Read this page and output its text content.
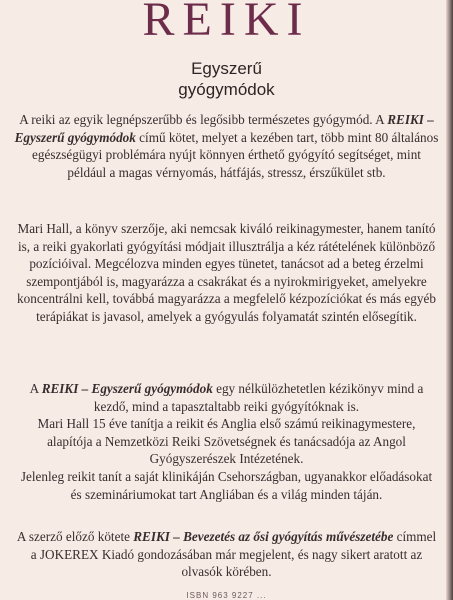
REIKI
Egyszerű
gyógymódok
A reiki az egyik legnépszerűbb és legősibb természetes gyógymód. A REIKI – Egyszerű gyógymódok című kötet, melyet a kezében tart, több mint 80 általános egészségügyi problémára nyújt könnyen érthető gyógyító segítséget, mint például a magas vérnyomás, hátfájás, stressz, érszűkület stb.
Mari Hall, a könyv szerzője, aki nemcsak kiváló reikinagymester, hanem tanító is, a reiki gyakorlati gyógyítási módjait illusztrálja a kéz rátételének különböző pozícióival. Megcélozva minden egyes tünetet, tanácsot ad a beteg érzelmi szempontjából is, magyarázza a csakrákat és a nyirokmirigyeket, amelyekre koncentrálni kell, továbbá magyarázza a megfelelő kézpozíciókat és más egyéb terápiákat is javasol, amelyek a gyógyulás folyamatát szintén elősegítik.

A REIKI – Egyszerű gyógymódok egy nélkülözhetetlen kézikönyv mind a kezdő, mind a tapasztaltabb reiki gyógyítóknak is.

Mari Hall 15 éve tanítja a reikit és Anglia első számú reikinagymestere, alapítója a Nemzetközi Reiki Szövetségnek és tanácsadója az Angol Gyógyszerészek Intézetének.

Jelenleg reikit tanít a saját klinikáján Csehországban, ugyanakkor előadásokat és szemináriumokat tart Angliában és a világ minden táján.

A szerző előző kötete REIKI – Bevezetés az ősi gyógyítás művészetébe címmel a JOKEREX Kiadó gondozásában már megjelent, és nagy sikert aratott az olvasók körében.
ISBN 963 9227 ...
